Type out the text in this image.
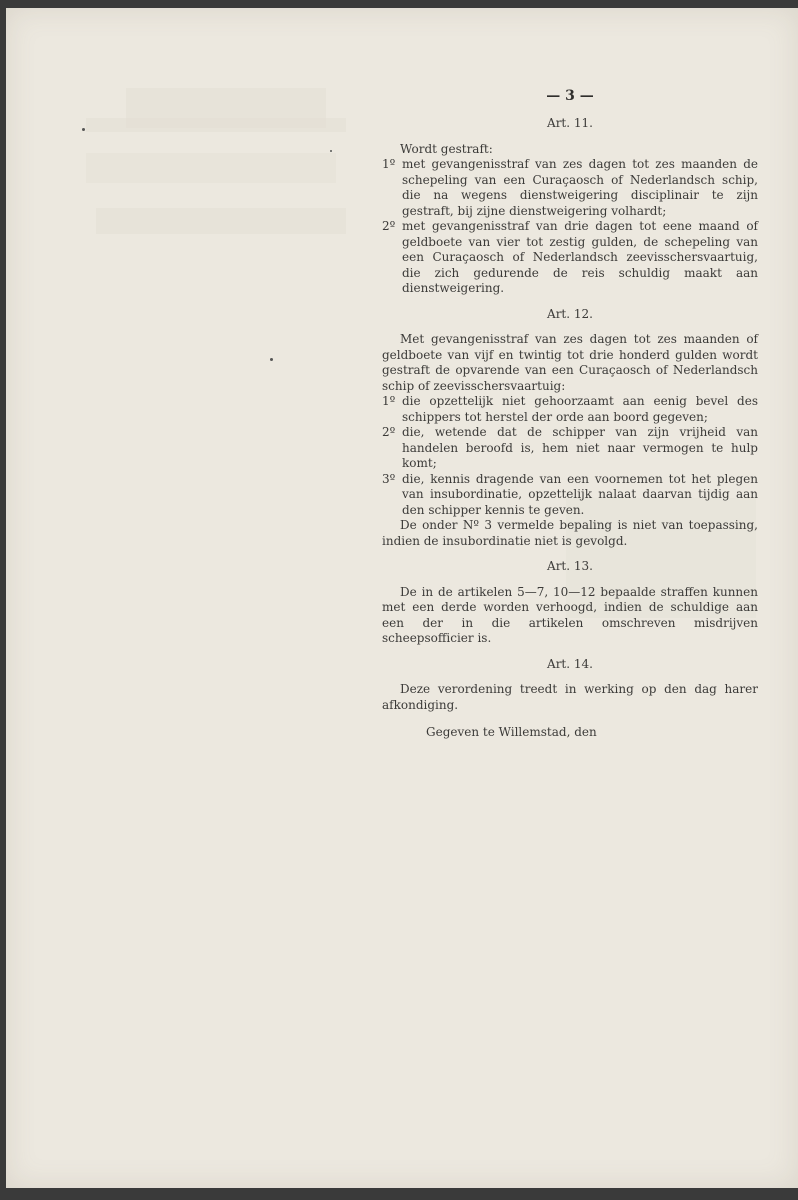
— 3 —
Art. 11.

Wordt gestraft:

1º met gevangenisstraf van zes dagen tot zes maanden de schepeling van een Curaçaosch of Nederlandsch schip, die na wegens dienstweigering disciplinair te zijn gestraft, bij zijne dienstweigering volhardt;
2º met gevangenisstraf van drie dagen tot eene maand of geldboete van vier tot zestig gulden, de schepeling van een Curaçaosch of Nederlandsch zeevisschersvaartuig, die zich gedurende de reis schuldig maakt aan dienstweigering.
Art. 12.

Met gevangenisstraf van zes dagen tot zes maanden of geldboete van vijf en twintig tot drie honderd gulden wordt gestraft de opvarende van een Curaçaosch of Nederlandsch schip of zeevisschersvaartuig:

1º die opzettelijk niet gehoorzaamt aan eenig bevel des schippers tot herstel der orde aan boord gegeven;
2º die, wetende dat de schipper van zijn vrijheid van handelen beroofd is, hem niet naar vermogen te hulp komt;
3º die, kennis dragende van een voornemen tot het plegen van insubordinatie, opzettelijk nalaat daarvan tijdig aan den schipper kennis te geven.

De onder Nº 3 vermelde bepaling is niet van toepassing, indien de insubordinatie niet is gevolgd.

Art. 13.

De in de artikelen 5—7, 10—12 bepaalde straffen kunnen met een derde worden verhoogd, indien de schuldige aan een der in die artikelen omschreven misdrijven scheepsofficier is.

Art. 14.

Deze verordening treedt in werking op den dag harer afkondiging.

Gegeven te Willemstad, den
